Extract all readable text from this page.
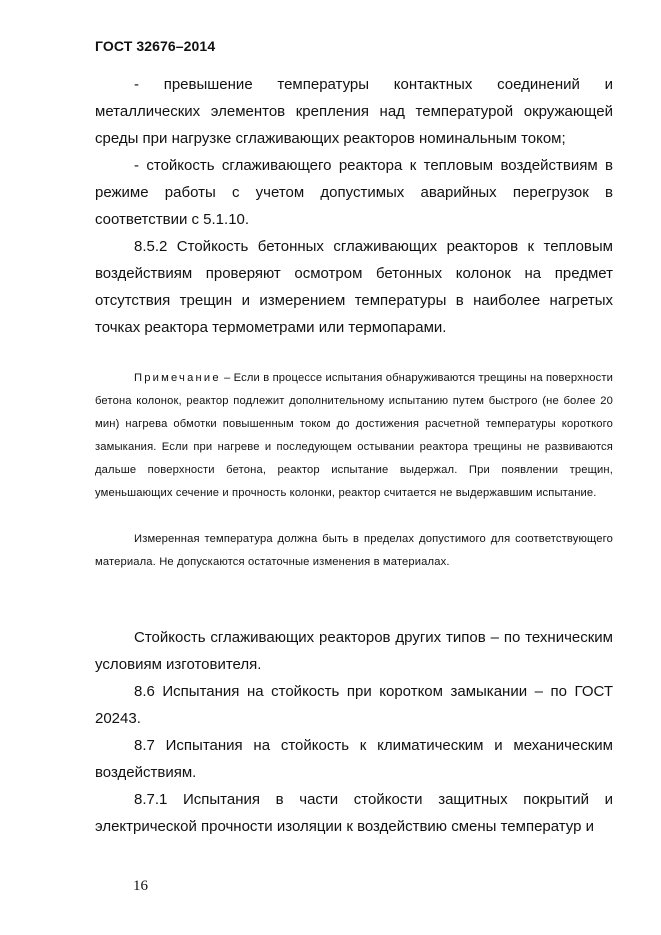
ГОСТ 32676–2014

- превышение температуры контактных соединений и металлических элементов крепления над температурой окружающей среды при нагрузке сглаживающих реакторов номинальным током;

- стойкость сглаживающего реактора к тепловым воздействиям в режиме работы с учетом допустимых аварийных перегрузок в соответствии с 5.1.10.

8.5.2 Стойкость бетонных сглаживающих реакторов к тепловым воздействиям проверяют осмотром бетонных колонок на предмет отсутствия трещин и измерением температуры в наиболее нагретых точках реактора термометрами или термопарами.

Примечание – Если в процессе испытания обнаруживаются трещины на поверхности бетона колонок, реактор подлежит дополнительному испытанию путем быстрого (не более 20 мин) нагрева обмотки повышенным током до достижения расчетной температуры короткого замыкания. Если при нагреве и последующем остывании реактора трещины не развиваются дальше поверхности бетона, реактор испытание выдержал. При появлении трещин, уменьшающих сечение и прочность колонки, реактор считается не выдержавшим испытание.

Измеренная температура должна быть в пределах допустимого для соответствующего материала. Не допускаются остаточные изменения в материалах.

Стойкость сглаживающих реакторов других типов – по техническим условиям изготовителя.

8.6 Испытания на стойкость при коротком замыкании – по ГОСТ 20243.

8.7 Испытания на стойкость к климатическим и механическим воздействиям.

8.7.1 Испытания в части стойкости защитных покрытий и электрической прочности изоляции к воздействию смены температур и

16
